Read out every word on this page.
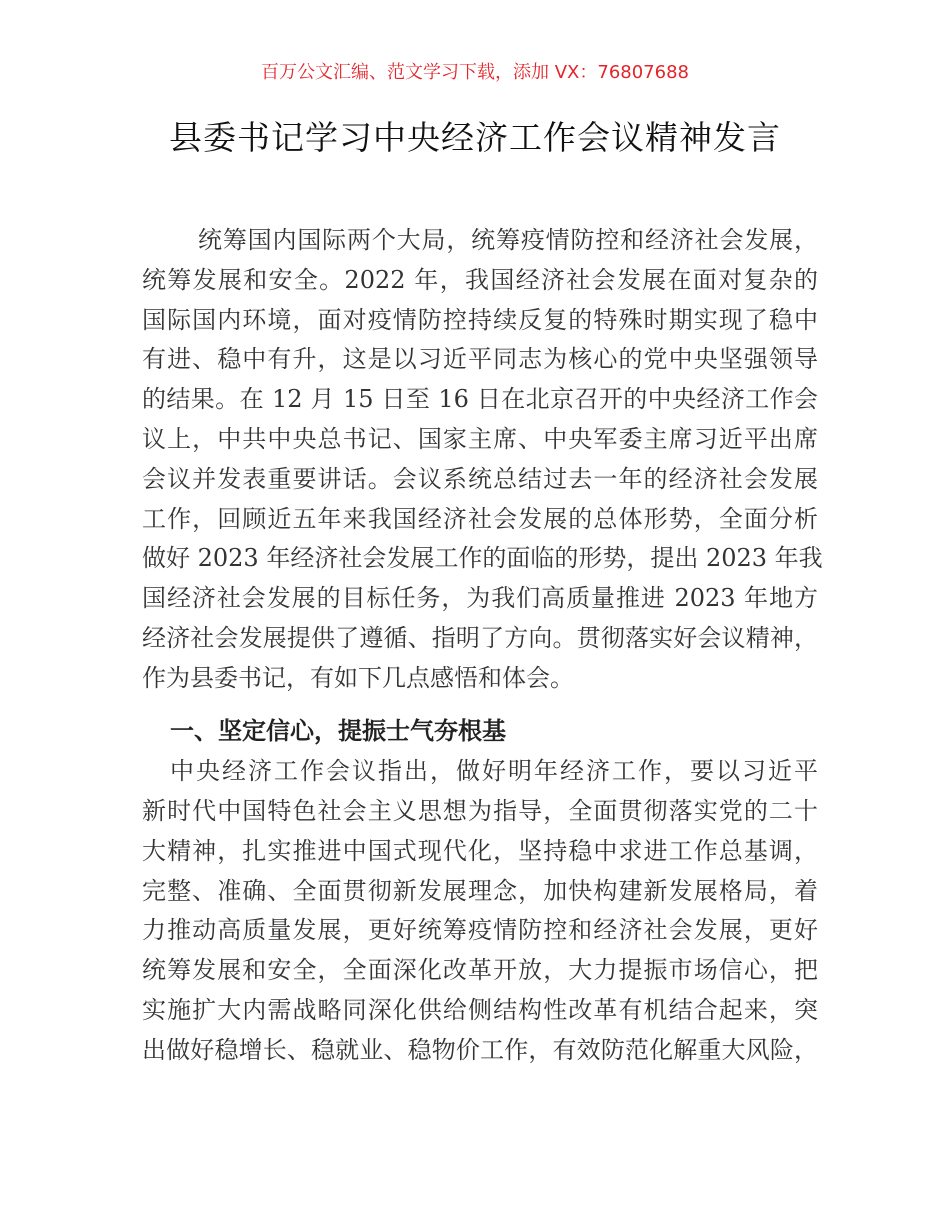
百万公文汇编、范文学习下载，添加 VX：76807688
县委书记学习中央经济工作会议精神发言
统筹国内国际两个大局，统筹疫情防控和经济社会发展，
统筹发展和安全。2022 年，我国经济社会发展在面对复杂的
国际国内环境，面对疫情防控持续反复的特殊时期实现了稳中
有进、稳中有升，这是以习近平同志为核心的党中央坚强领导
的结果。在 12 月 15 日至 16 日在北京召开的中央经济工作会
议上，中共中央总书记、国家主席、中央军委主席习近平出席
会议并发表重要讲话。会议系统总结过去一年的经济社会发展
工作，回顾近五年来我国经济社会发展的总体形势，全面分析
做好 2023 年经济社会发展工作的面临的形势，提出 2023 年我
国经济社会发展的目标任务，为我们高质量推进 2023 年地方
经济社会发展提供了遵循、指明了方向。贯彻落实好会议精神，
作为县委书记，有如下几点感悟和体会。
一、坚定信心，提振士气夯根基
中央经济工作会议指出，做好明年经济工作，要以习近平
新时代中国特色社会主义思想为指导，全面贯彻落实党的二十
大精神，扎实推进中国式现代化，坚持稳中求进工作总基调，
完整、准确、全面贯彻新发展理念，加快构建新发展格局，着
力推动高质量发展，更好统筹疫情防控和经济社会发展，更好
统筹发展和安全，全面深化改革开放，大力提振市场信心，把
实施扩大内需战略同深化供给侧结构性改革有机结合起来，突
出做好稳增长、稳就业、稳物价工作，有效防范化解重大风险，
